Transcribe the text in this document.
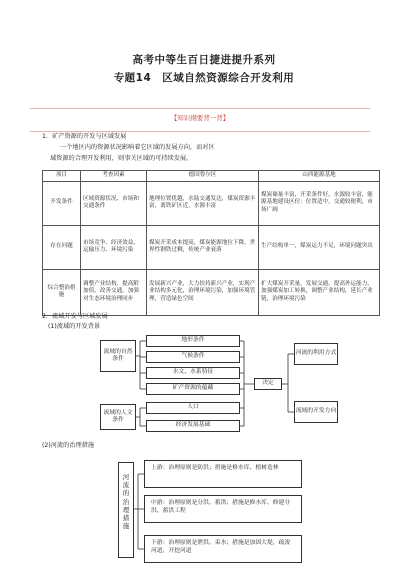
高考中等生百日捷进提升系列
专题14　区域自然资源综合开发利用
【知识纲要背一背】
1．矿产资源的开发与区域发展
一个地区内的资源状况影响着它区域的发展方向，而对区
域资源的合理开发利用，则事关区域的可持续发展。
项目	考查因素	德国鲁尔区	山西能源基地
开发条件	区域资源状况、市场和交通条件	地理位置优越，水陆交通发达，煤炭资源丰富，离铁矿区近，水源丰富	煤炭储量丰富，开采条件好，水源较丰富，能源基地建设区位：位置适中，交通较便利，市场广阔
存在问题	市场竞争、经济效益、运输压力、环境污染	煤炭开采成本提高，煤炭能源地位下降，世界性钢铁过剩，传统产业衰落	生产结构单一，煤炭运力不足，环境问题突出
综合整治措施	调整产业结构，提高附加值，改善交通，加强对生态环境治理同步	发展新兴产业，大力扶持新兴产业，实现产业结构多元化，治理环境污染，加强环境管理，营造绿色空间	扩大煤炭开采量，发展交通，提高外运能力，加强煤炭加工转换，调整产业结构，延长产业链，治理环境污染
2．流域开发与区域发展
(1)流域的开发背景
流域的自然条件
流域的人文条件
地形条件
气候条件
水文、水系特征
矿产资源的蕴藏
人口
经济发展基础
决定
河流的利用方式
流域的开发方向
(2)河流的治理措施
河流的治理措施
上游：治理原则是防洪；措施是修水库、植树造林
中游：治理原则是分洪、蓄洪；措施是修水库、修建分洪、蓄洪工程
下游：治理原则是泄洪、束水；措施是加固大堤，疏浚河道，开挖河道
